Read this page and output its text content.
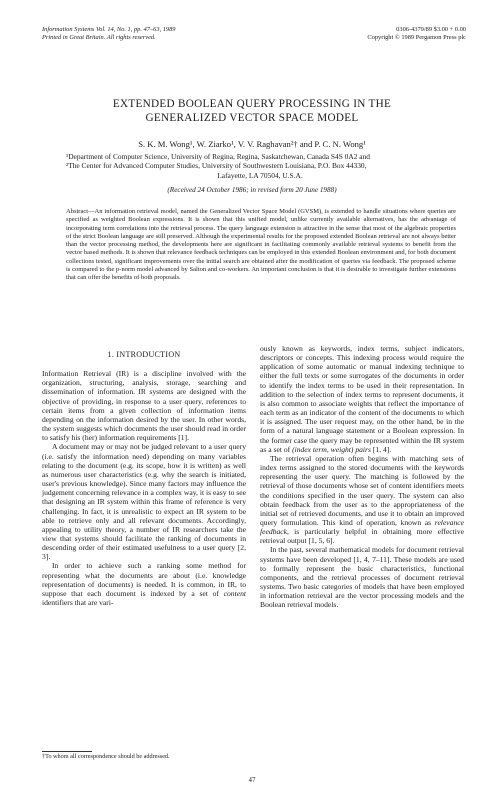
Information Systems Vol. 14, No. 1, pp. 47–63, 1989
Printed in Great Britain. All rights reserved.
0306-4379/89 $3.00 + 0.00
Copyright © 1989 Pergamon Press plc
EXTENDED BOOLEAN QUERY PROCESSING IN THE
GENERALIZED VECTOR SPACE MODEL
S. K. M. Wong¹, W. Ziarko¹, V. V. Raghavan²† and P. C. N. Wong¹
¹Department of Computer Science, University of Regina, Regina, Saskatchewan, Canada S4S 0A2 and
²The Center for Advanced Computer Studies, University of Southwestern Louisiana, P.O. Box 44330,
Lafayette, LA 70504, U.S.A.
(Received 24 October 1986; in revised form 20 June 1988)
Abstract—An information retrieval model, named the Generalized Vector Space Model (GVSM), is extended to handle situations where queries are specified as weighted Boolean expressions. It is shown that this unified model, unlike currently available alternatives, has the advantage of incorporating term correlations into the retrieval process. The query language extension is attractive in the sense that most of the algebraic properties of the strict Boolean language are still preserved. Although the experimental results for the proposed extended Boolean retrieval are not always better than the vector processing method, the developments here are significant in facilitating commonly available retrieval systems to benefit from the vector based methods. It is shown that relevance feedback techniques can be employed in this extended Boolean environment and, for both document collections tested, significant improvements over the initial search are obtained after the modification of queries via feedback. The proposed scheme is compared to the p-norm model advanced by Salton and co-workers. An important conclusion is that it is desirable to investigate further extensions that can offer the benefits of both proposals.
1. INTRODUCTION

Information Retrieval (IR) is a discipline involved with the organization, structuring, analysis, storage, searching and dissemination of information. IR systems are designed with the objective of providing, in response to a user query, references to certain items from a given collection of information items depending on the information desired by the user. In other words, the system suggests which documents the user should read in order to satisfy his (her) information requirements [1].

A document may or may not be judged relevant to a user query (i.e. satisfy the information need) depending on many variables relating to the document (e.g. its scope, how it is written) as well as numerous user characteristics (e.g. why the search is initiated, user's previous knowledge). Since many factors may influence the judgement concerning relevance in a complex way, it is easy to see that designing an IR system within this frame of reference is very challenging. In fact, it is unrealistic to expect an IR system to be able to retrieve only and all relevant documents. Accordingly, appealing to utility theory, a number of IR researchers take the view that systems should facilitate the ranking of documents in descending order of their estimated usefulness to a user query [2, 3].

In order to achieve such a ranking some method for representing what the documents are about (i.e. knowledge representation of documents) is needed. It is common, in IR, to suppose that each document is indexed by a set of content identifiers that are vari-

ously known as keywords, index terms, subject indicators, descriptors or concepts. This indexing process would require the application of some automatic or manual indexing technique to either the full texts or some surrogates of the documents in order to identify the index terms to be used in their representation. In addition to the selection of index terms to represent documents, it is also common to associate weights that reflect the importance of each term as an indicator of the content of the documents to which it is assigned. The user request may, on the other hand, be in the form of a natural language statement or a Boolean expression. In the former case the query may be represented within the IR system as a set of (index term, weight) pairs [1, 4].

The retrieval operation often begins with matching sets of index terms assigned to the stored documents with the keywords representing the user query. The matching is followed by the retrieval of those documents whose set of content identifiers meets the conditions specified in the user query. The system can also obtain feedback from the user as to the appropriateness of the initial set of retrieved documents, and use it to obtain an improved query formulation. This kind of operation, known as relevance feedback, is particularly helpful in obtaining more effective retrieval output [1, 5, 6].

In the past, several mathematical models for document retrieval systems have been developed [1, 4, 7–11]. These models are used to formally represent the basic characteristics, functional components, and the retrieval processes of document retrieval systems. Two basic categories of models that have been employed in information retrieval are the vector processing models and the Boolean retrieval models.

†To whom all correspondence should be addressed.
47
